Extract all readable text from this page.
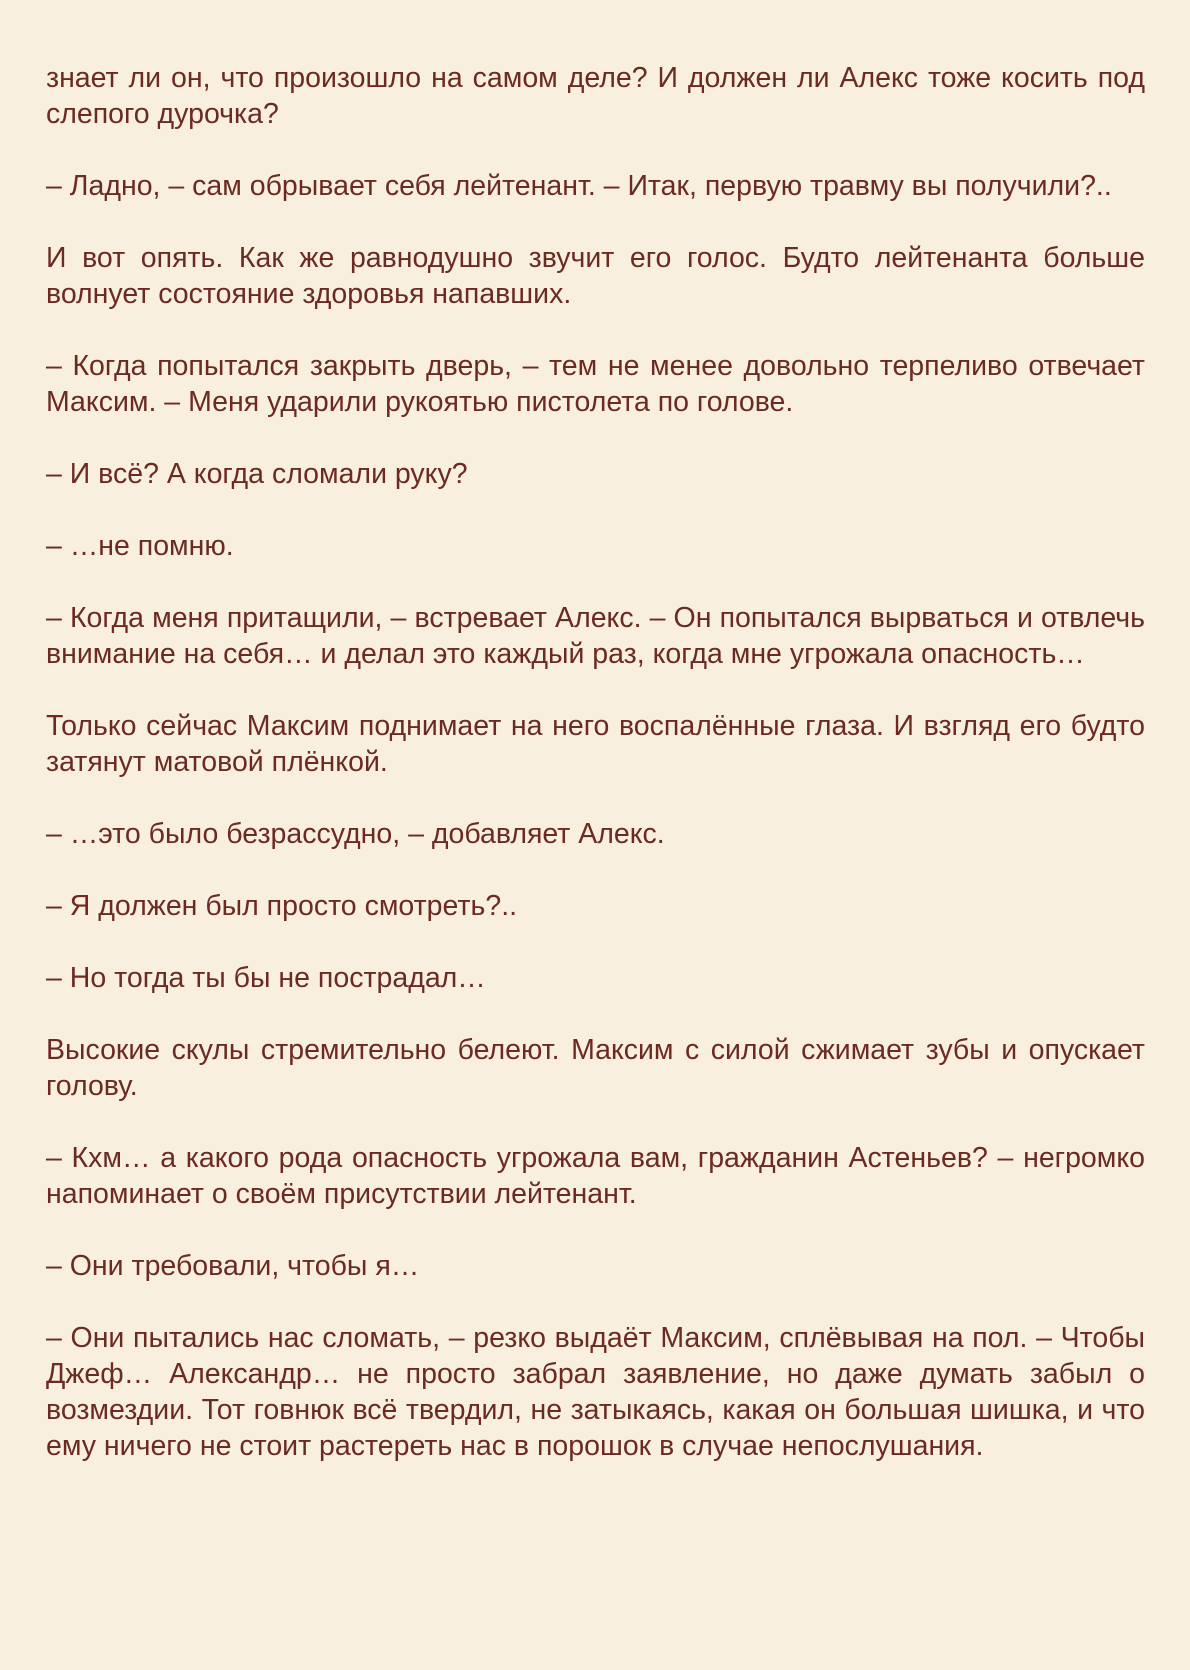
знает ли он, что произошло на самом деле? И должен ли Алекс тоже косить под слепого дурочка?

– Ладно, – сам обрывает себя лейтенант. – Итак, первую травму вы получили?..

И вот опять. Как же равнодушно звучит его голос. Будто лейтенанта больше волнует состояние здоровья напавших.

– Когда попытался закрыть дверь, – тем не менее довольно терпеливо отвечает Максим. – Меня ударили рукоятью пистолета по голове.

– И всё? А когда сломали руку?

– …не помню.

– Когда меня притащили, – встревает Алекс. – Он попытался вырваться и отвлечь внимание на себя… и делал это каждый раз, когда мне угрожала опасность…

Только сейчас Максим поднимает на него воспалённые глаза. И взгляд его будто затянут матовой плёнкой.

– …это было безрассудно, – добавляет Алекс.

– Я должен был просто смотреть?..

– Но тогда ты бы не пострадал…

Высокие скулы стремительно белеют. Максим с силой сжимает зубы и опускает голову.

– Кхм… а какого рода опасность угрожала вам, гражданин Астеньев? – негромко напоминает о своём присутствии лейтенант.

– Они требовали, чтобы я…

– Они пытались нас сломать, – резко выдаёт Максим, сплёвывая на пол. – Чтобы Джеф… Александр… не просто забрал заявление, но даже думать забыл о возмездии. Тот говнюк всё твердил, не затыкаясь, какая он большая шишка, и что ему ничего не стоит растереть нас в порошок в случае непослушания.
